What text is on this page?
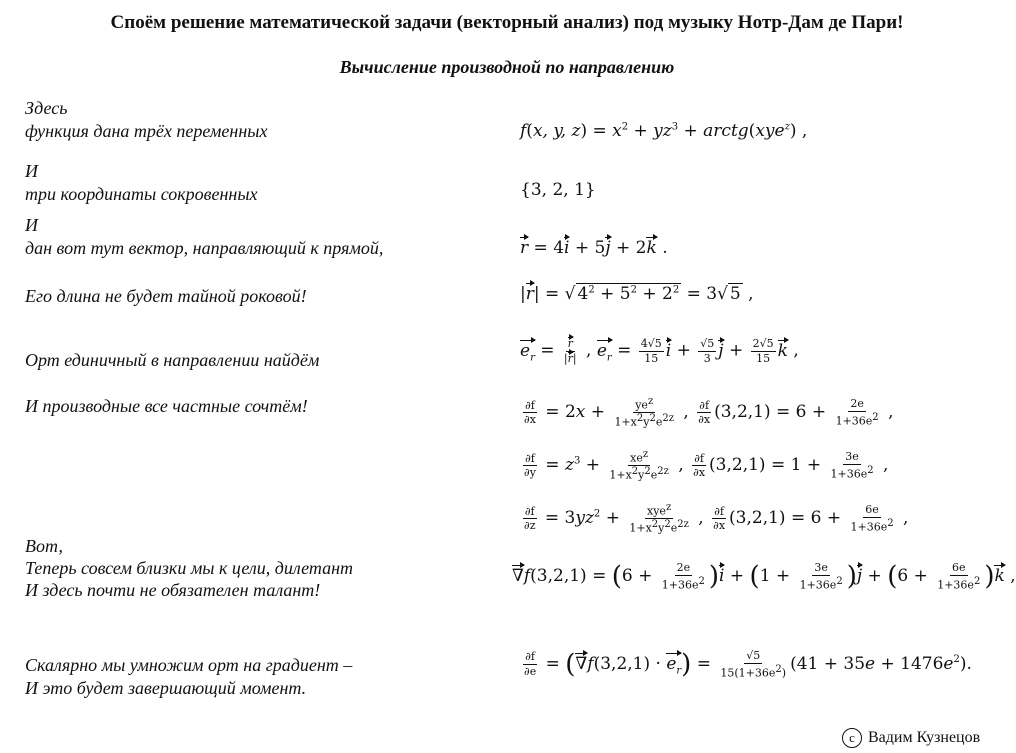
Споём решение математической задачи (векторный анализ) под музыку Нотр-Дам де Пари!
Вычисление производной по направлению
Здесь
функция дана трёх переменных
И
три координаты сокровенных
И
дан вот тут вектор, направляющий к прямой,
Его длина не будет тайной роковой!
Орт единичный в направлении найдём
И производные все частные сочтём!
Вот,
Теперь совсем близки мы к цели, дилетант
И здесь почти не обязателен талант!
Скалярно мы умножим орт на градиент –
И это будет завершающий момент.
f(x, y, $z) = x^2 + yz^3$ + arctg(xye$^z$) ,
{3, 2, 1}
r = 4i + 5j + 2k .
|r| = √ $4^2 + 5^2 + 2^2 = 3√$ 5 ,
$e_r = \frac{r}{|r|}$ , $e_r = \frac{4√5}{15}$ $i + \frac{√5}{3}$ $j + \frac{2√5}{15}$ k ,
$\frac{\partial f}{\partial x} = 2x + ye^z$
$1+x^2y^2e^{2z}$ , $\frac{\partial f}{\partial x} (3,2,1) = 6 + \frac{2e}{1+36e^2}$ ,
$\frac{\partial f}{\partial y} = z^3 + xe^z$
$1+x^2y^2e^{2z}$ , $\frac{\partial f}{\partial x} (3,2,1) = 1 + \frac{3e}{1+36e^2}$ ,
$\frac{\partial f}{\partial z} = 3yz^2 + xye^z$
$1+x^2y^2e^{2z}$ , $\frac{\partial f}{\partial x} (3,2,1) = 6 + \frac{6e}{1+36e^2}$ ,
$\nabla f(3,2,1) = (6 + \frac{2e}{1+36e^2} )i + (1 + \frac{3e}{1+36e^2} )j + (6 + \frac{6e}{1+36e^2} )k$ ,
$\frac{\partial f}{\partial e} = (\nabla f(3,2,1) \cdot e_r) = \frac{√5}{15(1+36e^2)} (41 + 35e + 1476e^2)$.
c Вадим Кузнецов
